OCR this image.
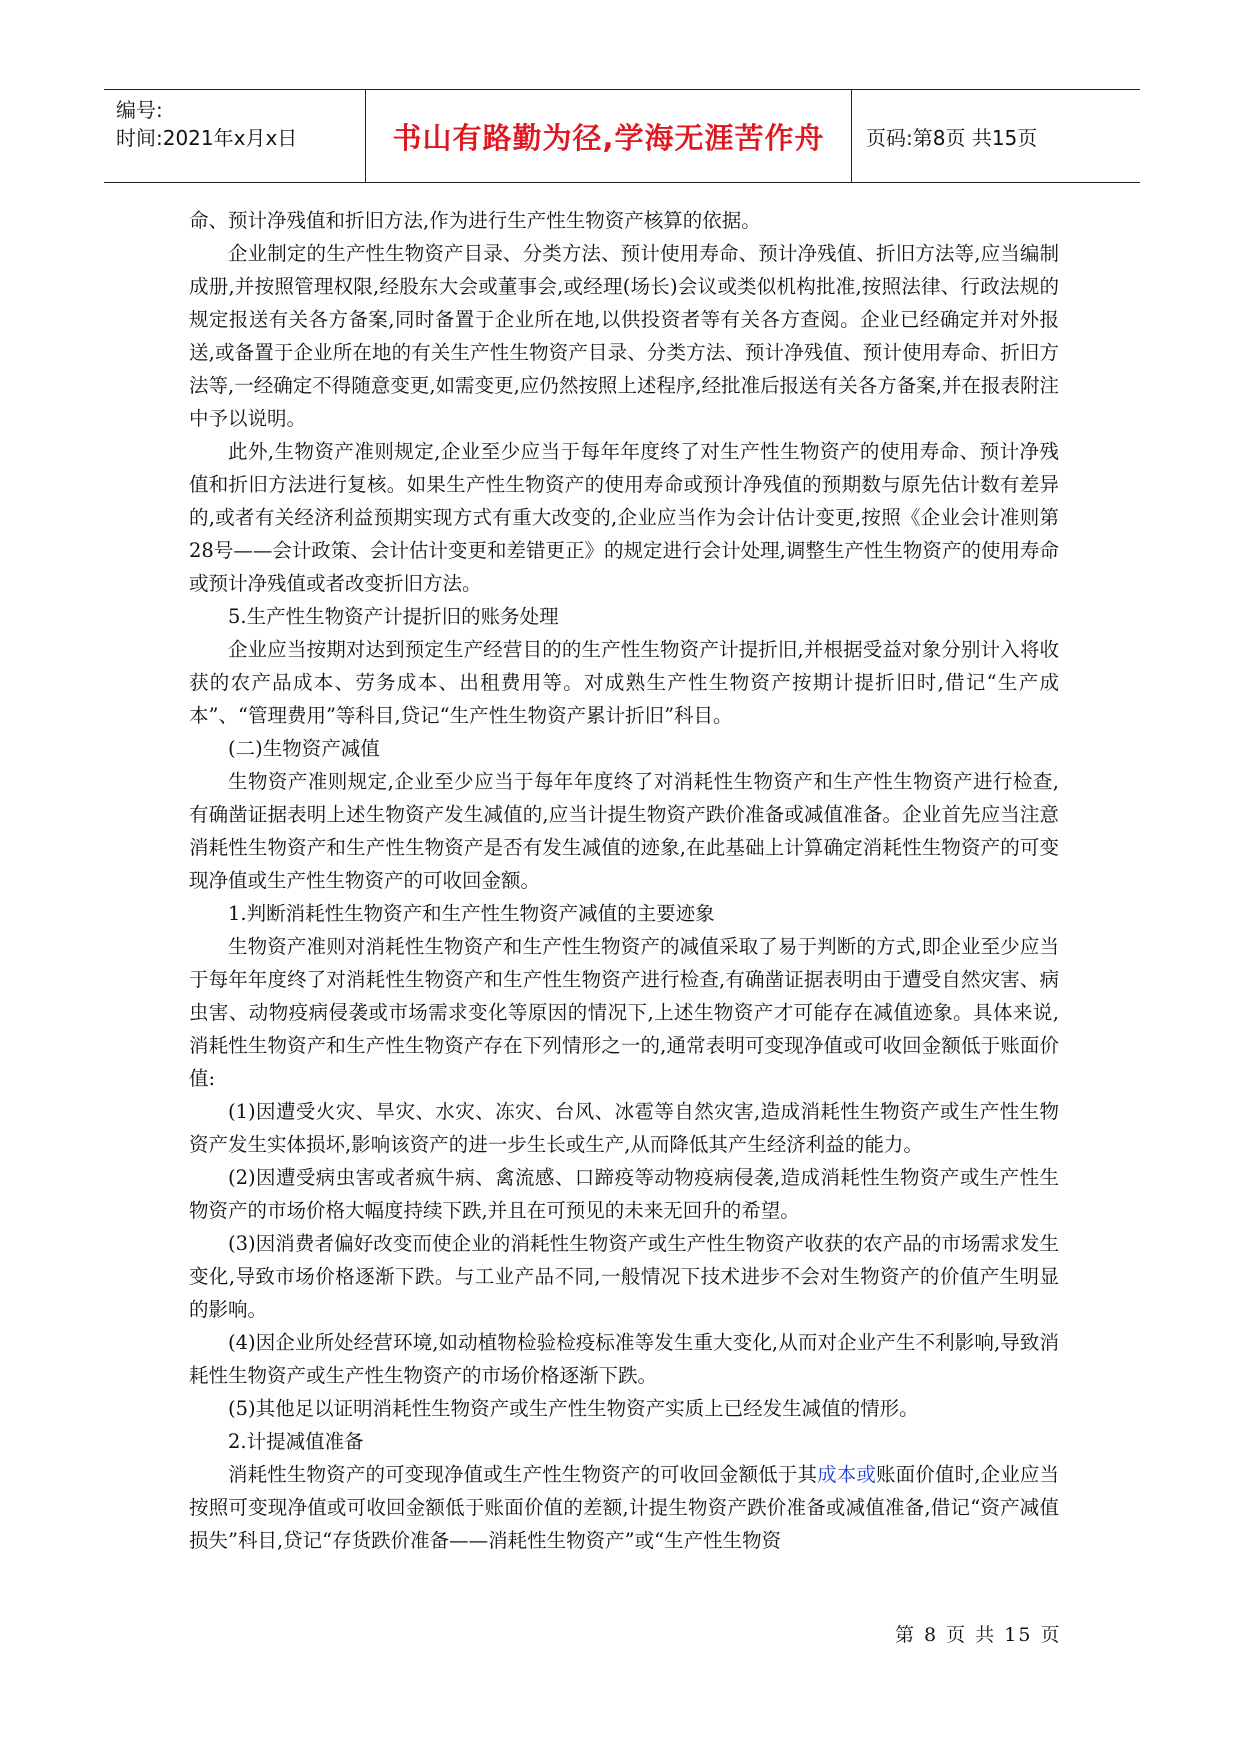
编号:
时间:2021年x月x日	书山有路勤为径,学海无涯苦作舟	页码:第8页 共15页

命、预计净残值和折旧方法,作为进行生产性生物资产核算的依据。

企业制定的生产性生物资产目录、分类方法、预计使用寿命、预计净残值、折旧方法等,应当编制成册,并按照管理权限,经股东大会或董事会,或经理(场长)会议或类似机构批准,按照法律、行政法规的规定报送有关各方备案,同时备置于企业所在地,以供投资者等有关各方查阅。企业已经确定并对外报送,或备置于企业所在地的有关生产性生物资产目录、分类方法、预计净残值、预计使用寿命、折旧方法等,一经确定不得随意变更,如需变更,应仍然按照上述程序,经批准后报送有关各方备案,并在报表附注中予以说明。

此外,生物资产准则规定,企业至少应当于每年年度终了对生产性生物资产的使用寿命、预计净残值和折旧方法进行复核。如果生产性生物资产的使用寿命或预计净残值的预期数与原先估计数有差异的,或者有关经济利益预期实现方式有重大改变的,企业应当作为会计估计变更,按照《企业会计准则第28号——会计政策、会计估计变更和差错更正》的规定进行会计处理,调整生产性生物资产的使用寿命或预计净残值或者改变折旧方法。

5.生产性生物资产计提折旧的账务处理

企业应当按期对达到预定生产经营目的的生产性生物资产计提折旧,并根据受益对象分别计入将收获的农产品成本、劳务成本、出租费用等。对成熟生产性生物资产按期计提折旧时,借记“生产成本”、“管理费用”等科目,贷记“生产性生物资产累计折旧”科目。

(二)生物资产减值

生物资产准则规定,企业至少应当于每年年度终了对消耗性生物资产和生产性生物资产进行检查,有确凿证据表明上述生物资产发生减值的,应当计提生物资产跌价准备或减值准备。企业首先应当注意消耗性生物资产和生产性生物资产是否有发生减值的迹象,在此基础上计算确定消耗性生物资产的可变现净值或生产性生物资产的可收回金额。

1.判断消耗性生物资产和生产性生物资产减值的主要迹象

生物资产准则对消耗性生物资产和生产性生物资产的减值采取了易于判断的方式,即企业至少应当于每年年度终了对消耗性生物资产和生产性生物资产进行检查,有确凿证据表明由于遭受自然灾害、病虫害、动物疫病侵袭或市场需求变化等原因的情况下,上述生物资产才可能存在减值迹象。具体来说,消耗性生物资产和生产性生物资产存在下列情形之一的,通常表明可变现净值或可收回金额低于账面价值:

(1)因遭受火灾、旱灾、水灾、冻灾、台风、冰雹等自然灾害,造成消耗性生物资产或生产性生物资产发生实体损坏,影响该资产的进一步生长或生产,从而降低其产生经济利益的能力。

(2)因遭受病虫害或者疯牛病、禽流感、口蹄疫等动物疫病侵袭,造成消耗性生物资产或生产性生物资产的市场价格大幅度持续下跌,并且在可预见的未来无回升的希望。

(3)因消费者偏好改变而使企业的消耗性生物资产或生产性生物资产收获的农产品的市场需求发生变化,导致市场价格逐渐下跌。与工业产品不同,一般情况下技术进步不会对生物资产的价值产生明显的影响。

(4)因企业所处经营环境,如动植物检验检疫标准等发生重大变化,从而对企业产生不利影响,导致消耗性生物资产或生产性生物资产的市场价格逐渐下跌。

(5)其他足以证明消耗性生物资产或生产性生物资产实质上已经发生减值的情形。

2.计提减值准备

消耗性生物资产的可变现净值或生产性生物资产的可收回金额低于其成本或账面价值时,企业应当按照可变现净值或可收回金额低于账面价值的差额,计提生物资产跌价准备或减值准备,借记“资产减值损失”科目,贷记“存货跌价准备——消耗性生物资产”或“生产性生物资

第 8 页 共 15 页
